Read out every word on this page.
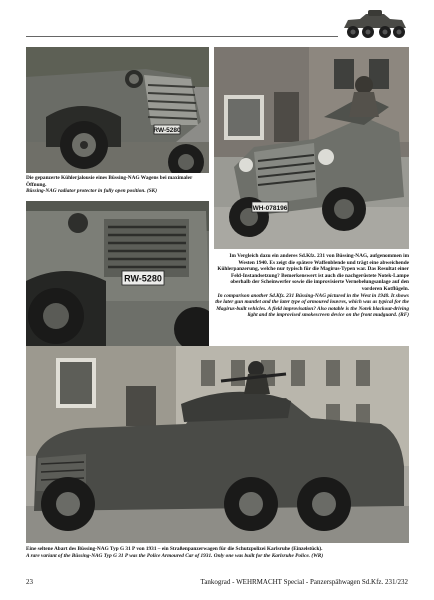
RW-5280
Die gepanzerte Kühlerjalousie eines Büssing-NAG Wagens bei maximaler Öffnung.
Büssing-NAG radiator protector in fully open position. (SK)
RW-5280
WH-078196
Im Vergleich dazu ein anderes Sd.Kfz. 231 von Büssing-NAG, aufgenommen im Westen 1940. Es zeigt die spätere Waffenblende und trägt eine abweichende Kühlerpanzerung, welche nur typisch für die Magirus-Typen war. Das Resultat einer Feld-Instandsetzung? Bemerkenswert ist auch die nachgerüstete Notek-Lampe oberhalb der Scheinwerfer sowie die improvisierte Vernebelungsanlage auf den vorderen Kotflügeln.
In comparison another Sd.Kfz. 231 Büssing-NAG pictured in the West in 1940. It shows the later gun mantlet and the later type of armoured louvres, which was as typical for the Magirus-built vehicles. A field improvisation? Also notable is the Notek blackout-driving light and the improvised smokescreen device on the front mudguard. (RF)
Eine seltene Abart des Büssing-NAG Typ G 31 P von 1931 – ein Straßenpanzerwagen für die Schutzpolizei Karlsruhe (Einzelstück).
A rare variant of the Büssing-NAG Typ G 31 P was the Police Armoured Car of 1931. Only one was built for the Karlsruhe Police. (WR)
23	Tankograd - WEHRMACHT Special - Panzerspähwagen Sd.Kfz. 231/232
